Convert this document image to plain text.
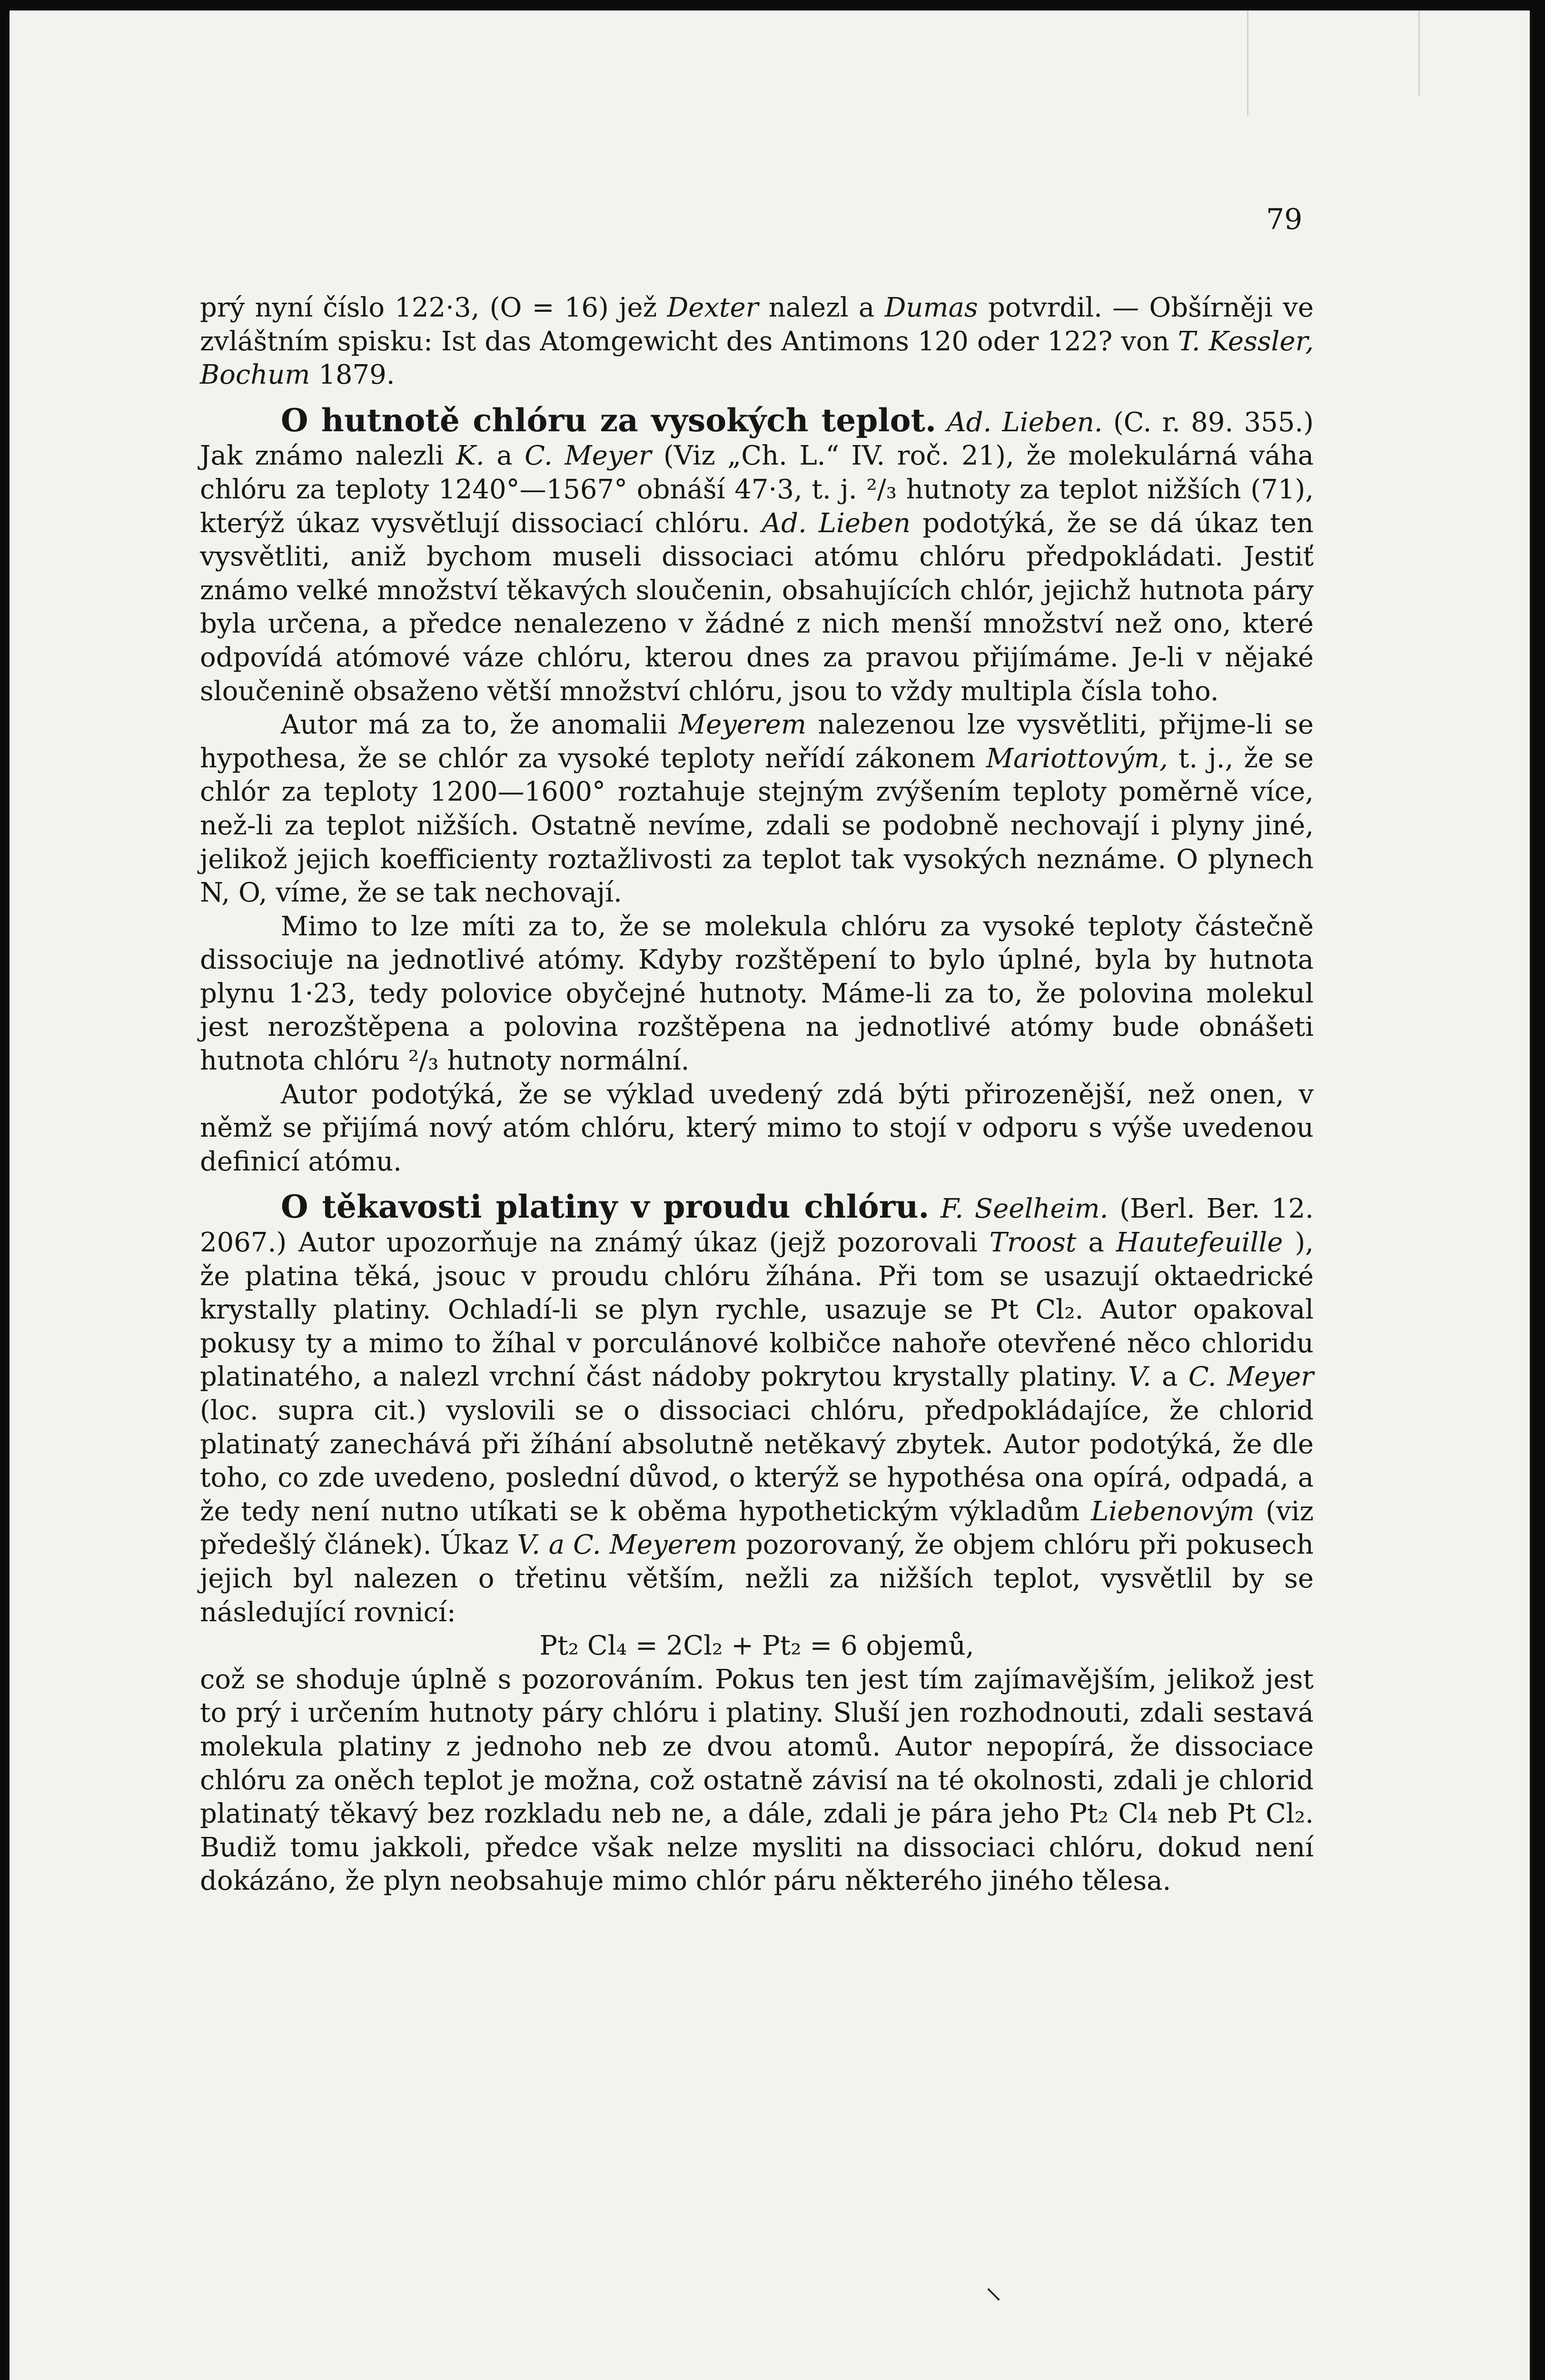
⸌
79

prý nyní číslo 122·3, (O = 16) jež Dexter nalezl a Dumas potvrdil. — Obšírněji ve zvláštním spisku: Ist das Atomgewicht des Antimons 120 oder 122? von T. Kessler, Bochum 1879.

O hutnotě chlóru za vysokých teplot. Ad. Lieben. (C. r. 89. 355.) Jak známo nalezli K. a C. Meyer (Viz „Ch. L.“ IV. roč. 21), že molekulárná váha chlóru za teploty 1240°—1567° obnáší 47·3, t. j. ²/₃ hutnoty za teplot nižších (71), kterýž úkaz vysvětlují dissociací chlóru. Ad. Lieben podotýká, že se dá úkaz ten vysvětliti, aniž bychom museli dissociaci atómu chlóru předpokládati. Jestiť známo velké množství těkavých sloučenin, obsahujících chlór, jejichž hutnota páry byla určena, a předce nenalezeno v žádné z nich menší množství než ono, které odpovídá atómové váze chlóru, kterou dnes za pravou přijímáme. Je-li v nějaké sloučenině obsaženo větší množství chlóru, jsou to vždy multipla čísla toho.

Autor má za to, že anomalii Meyerem nalezenou lze vysvětliti, přijme-li se hypothesa, že se chlór za vysoké teploty neřídí zákonem Mariottovým, t. j., že se chlór za teploty 1200—1600° roztahuje stejným zvýšením teploty poměrně více, než-li za teplot nižších. Ostatně nevíme, zdali se podobně nechovají i plyny jiné, jelikož jejich koefficienty roztažlivosti za teplot tak vysokých neznáme. O plynech N, O, víme, že se tak nechovají.

Mimo to lze míti za to, že se molekula chlóru za vysoké teploty částečně dissociuje na jednotlivé atómy. Kdyby rozštěpení to bylo úplné, byla by hutnota plynu 1·23, tedy polovice obyčejné hutnoty. Máme-li za to, že polovina molekul jest nerozštěpena a polovina rozštěpena na jednotlivé atómy bude obnášeti hutnota chlóru ²/₃ hutnoty normální.

Autor podotýká, že se výklad uvedený zdá býti přirozenější, než onen, v němž se přijímá nový atóm chlóru, který mimo to stojí v odporu s výše uvedenou definicí atómu.

O těkavosti platiny v proudu chlóru. F. Seelheim. (Berl. Ber. 12. 2067.) Autor upozorňuje na známý úkaz (jejž pozorovali Troost a Hautefeuille ), že platina těká, jsouc v proudu chlóru žíhána. Při tom se usazují oktaedrické krystally platiny. Ochladí-li se plyn rychle, usazuje se Pt Cl₂. Autor opakoval pokusy ty a mimo to žíhal v porculánové kolbičce nahoře otevřené něco chloridu platinatého, a nalezl vrchní část nádoby pokrytou krystally platiny. V. a C. Meyer (loc. supra cit.) vyslovili se o dissociaci chlóru, předpokládajíce, že chlorid platinatý zanechává při žíhání absolutně netěkavý zbytek. Autor podotýká, že dle toho, co zde uvedeno, poslední důvod, o kterýž se hypothésa ona opírá, odpadá, a že tedy není nutno utíkati se k oběma hypothetickým výkladům Liebenovým (viz předešlý článek). Úkaz V. a C. Meyerem pozorovaný, že objem chlóru při pokusech jejich byl nalezen o třetinu větším, nežli za nižších teplot, vysvětlil by se následující rovnicí:

Pt₂ Cl₄ = 2Cl₂ + Pt₂ = 6 objemů,

což se shoduje úplně s pozorováním. Pokus ten jest tím zajímavějším, jelikož jest to prý i určením hutnoty páry chlóru i platiny. Sluší jen rozhodnouti, zdali sestavá molekula platiny z jednoho neb ze dvou atomů. Autor nepopírá, že dissociace chlóru za oněch teplot je možna, což ostatně závisí na té okolnosti, zdali je chlorid platinatý těkavý bez rozkladu neb ne, a dále, zdali je pára jeho Pt₂ Cl₄ neb Pt Cl₂. Budiž tomu jakkoli, předce však nelze mysliti na dissociaci chlóru, dokud není dokázáno, že plyn neobsahuje mimo chlór páru některého jiného tělesa.
